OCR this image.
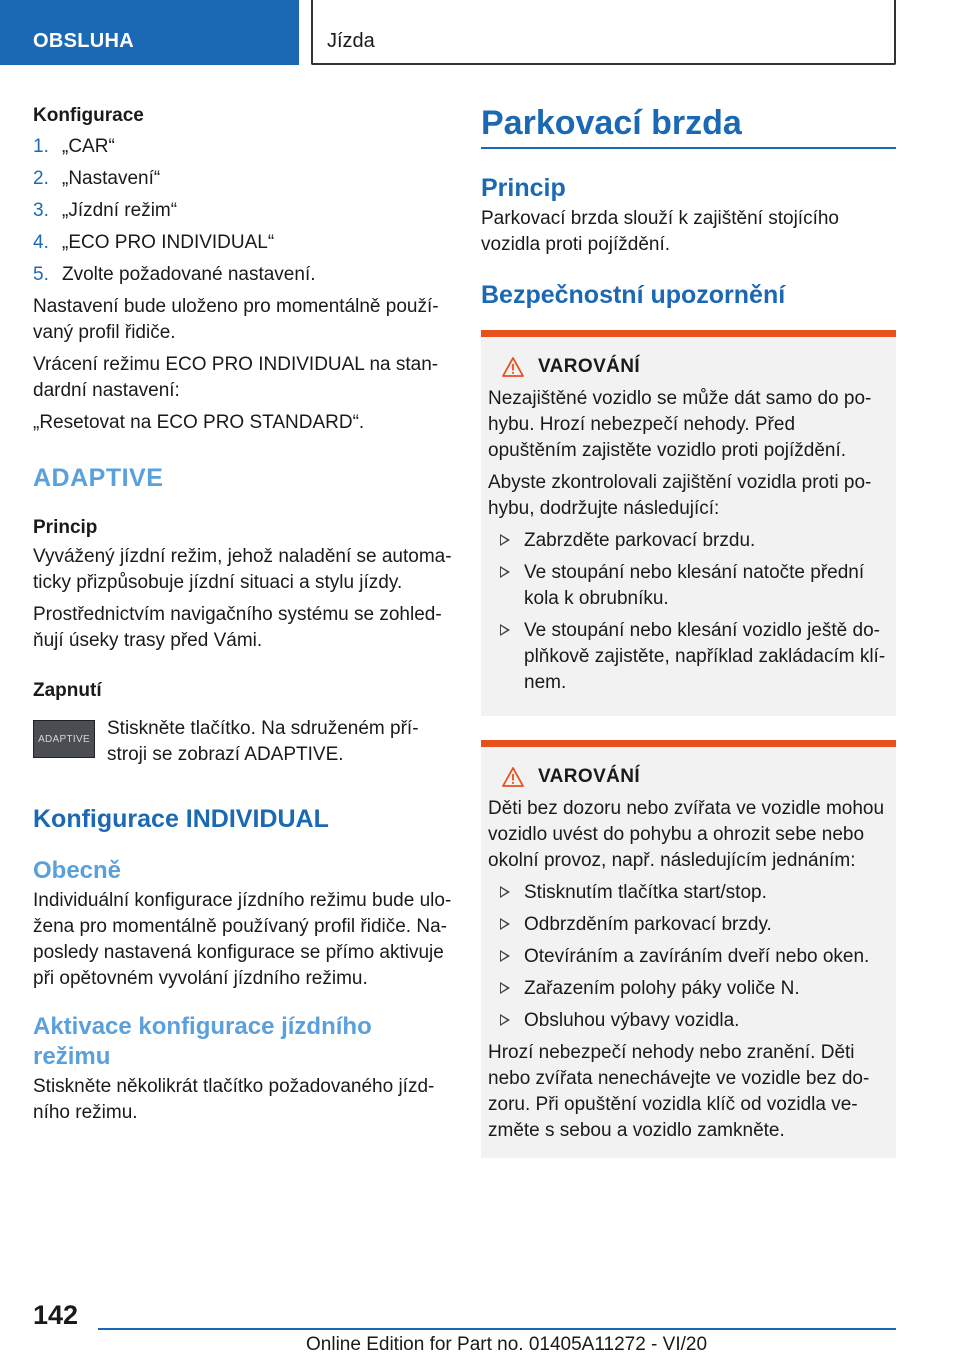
OBSLUHA	Jízda
Konfigurace
1. „CAR“
2. „Nastavení“
3. „Jízdní režim“
4. „ECO PRO INDIVIDUAL“
5. Zvolte požadované nastavení.

Nastavení bude uloženo pro momentálně používaný profil řidiče.

Vrácení režimu ECO PRO INDIVIDUAL na standardní nastavení:

„Resetovat na ECO PRO STANDARD“.

ADAPTIVE
Princip

Vyvážený jízdní režim, jehož naladění se automaticky přizpůsobuje jízdní situaci a stylu jízdy.

Prostřednictvím navigačního systému se zohledňují úseky trasy před Vámi.

Zapnutí
ADAPTIVE Stiskněte tlačítko. Na sdruženém přístroji se zobrazí ADAPTIVE.
Konfigurace INDIVIDUAL
Obecně

Individuální konfigurace jízdního režimu bude uložena pro momentálně používaný profil řidiče. Naposledy nastavená konfigurace se přímo aktivuje při opětovném vyvolání jízdního režimu.

Aktivace konfigurace jízdního režimu

Stiskněte několikrát tlačítko požadovaného jízdního režimu.

Parkovací brzda
Princip

Parkovací brzda slouží k zajištění stojícího vozidla proti pojíždění.

Bezpečnostní upozornění
VAROVÁNÍ

Nezajištěné vozidlo se může dát samo do pohybu. Hrozí nebezpečí nehody. Před opuštěním zajistěte vozidlo proti pojíždění.

Abyste zkontrolovali zajištění vozidla proti pohybu, dodržujte následující:

Zabrzděte parkovací brzdu.
Ve stoupání nebo klesání natočte přední kola k obrubníku.
Ve stoupání nebo klesání vozidlo ještě doplňkově zajistěte, například zakládacím klínem.
VAROVÁNÍ

Děti bez dozoru nebo zvířata ve vozidle mohou vozidlo uvést do pohybu a ohrozit sebe nebo okolní provoz, např. následujícím jednáním:

Stisknutím tlačítka start/stop.
Odbrzděním parkovací brzdy.
Otevíráním a zavíráním dveří nebo oken.
Zařazením polohy páky voliče N.
Obsluhou výbavy vozidla.

Hrozí nebezpečí nehody nebo zranění. Děti nebo zvířata nenechávejte ve vozidle bez dozoru. Při opuštění vozidla klíč od vozidla vezměte s sebou a vozidlo zamkněte.

142
Online Edition for Part no. 01405A11272 - VI/20
